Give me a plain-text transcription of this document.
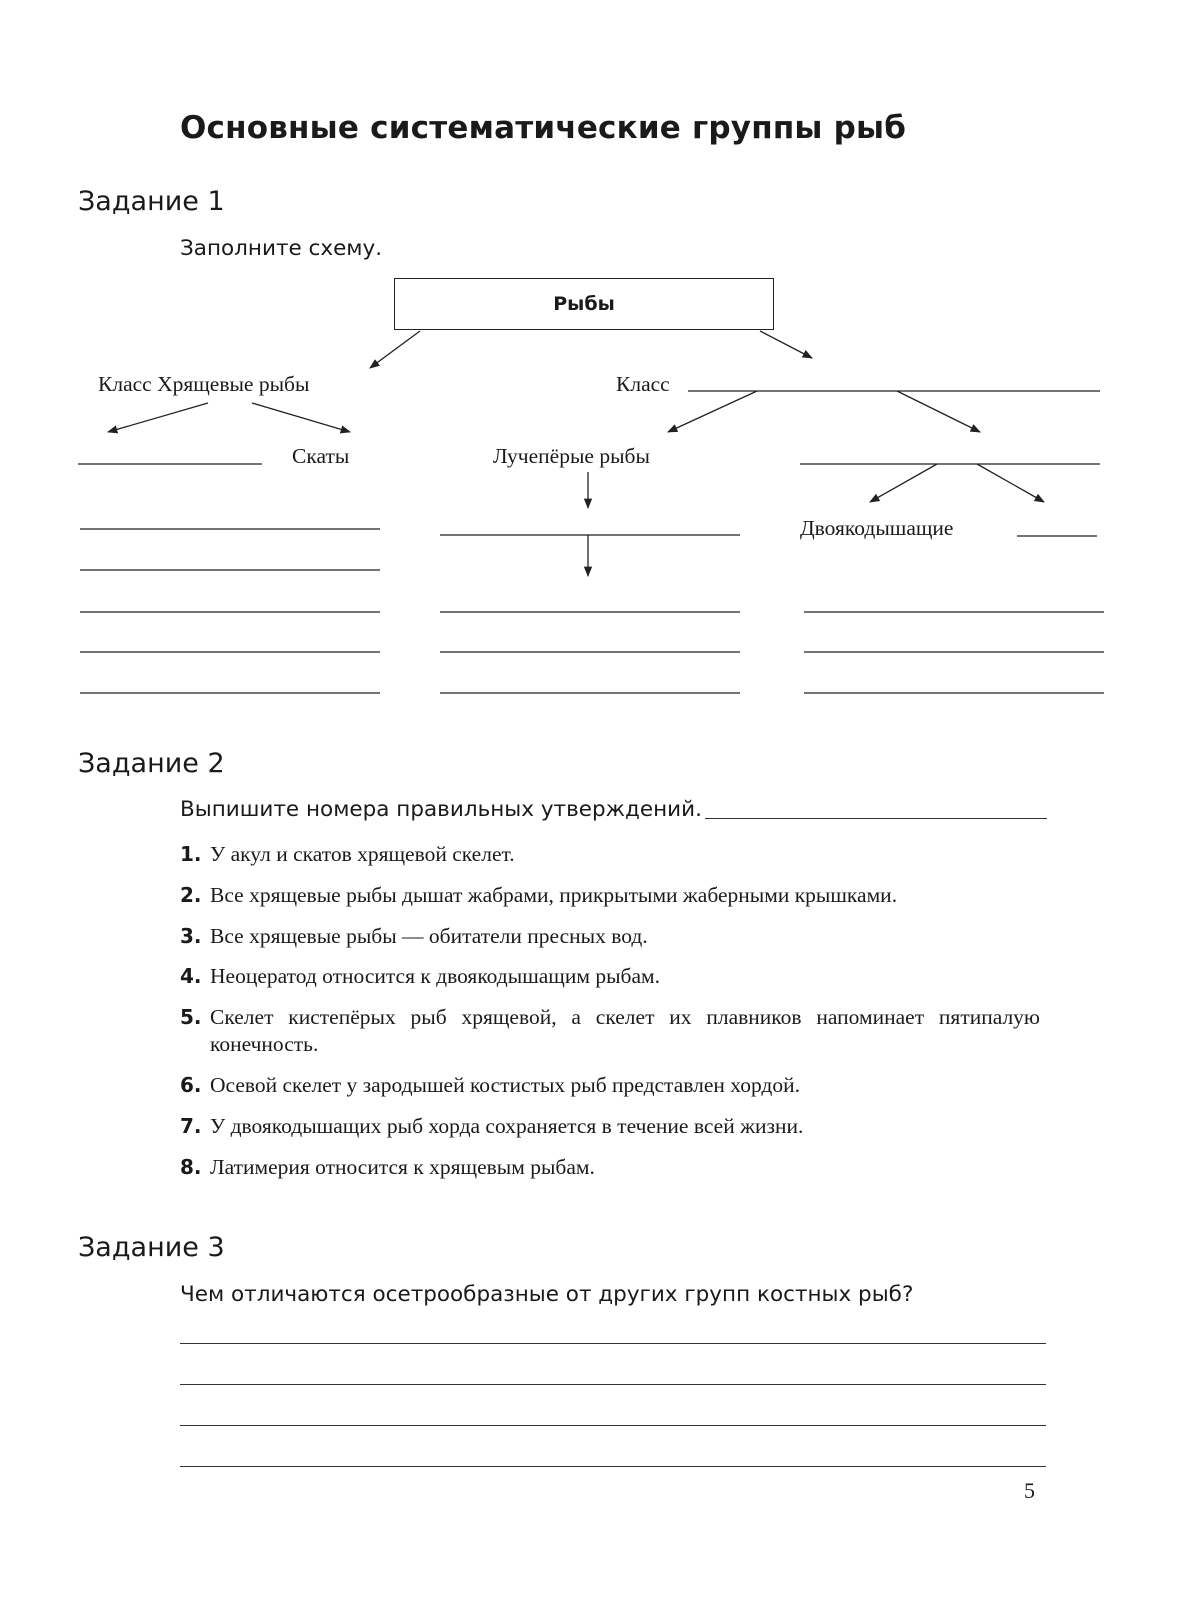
Основные систематические группы рыб
Задание 1
Заполните схему.
Рыбы
Класс Хрящевые рыбы	Класс
Скаты	Лучепёрые рыбы
Двоякодышащие
Задание 2
Выпишите номера правильных утверждений.
1. У акул и скатов хрящевой скелет.
2. Все хрящевые рыбы дышат жабрами, прикрытыми жаберными крышками.
3. Все хрящевые рыбы — обитатели пресных вод.
4. Неоцератод относится к двоякодышащим рыбам.
5. Скелет кистепёрых рыб хрящевой, а скелет их плавников напоминает пятипалую конечность.
6. Осевой скелет у зародышей костистых рыб представлен хордой.
7. У двоякодышащих рыб хорда сохраняется в течение всей жизни.
8. Латимерия относится к хрящевым рыбам.
Задание 3
Чем отличаются осетрообразные от других групп костных рыб?
5
